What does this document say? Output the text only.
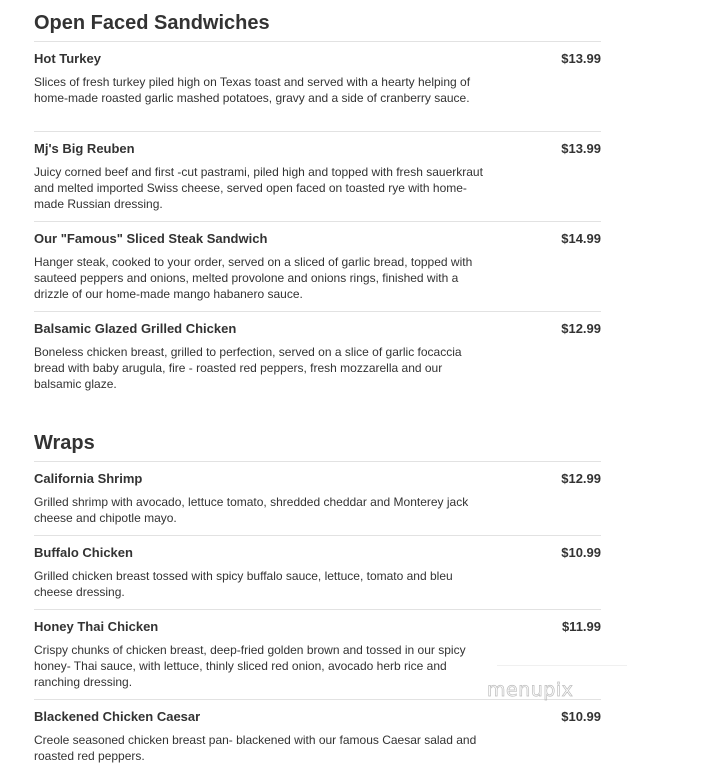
Open Faced Sandwiches
Hot Turkey	$13.99
Slices of fresh turkey piled high on Texas toast and served with a hearty helping of home-made roasted garlic mashed potatoes, gravy and a side of cranberry sauce.
Mj's Big Reuben	$13.99
Juicy corned beef and first -cut pastrami, piled high and topped with fresh sauerkraut and melted imported Swiss cheese, served open faced on toasted rye with home-made Russian dressing.
Our "Famous" Sliced Steak Sandwich	$14.99
Hanger steak, cooked to your order, served on a sliced of garlic bread, topped with sauteed peppers and onions, melted provolone and onions rings, finished with a drizzle of our home-made mango habanero sauce.
Balsamic Glazed Grilled Chicken	$12.99
Boneless chicken breast, grilled to perfection, served on a slice of garlic focaccia bread with baby arugula, fire - roasted red peppers, fresh mozzarella and our balsamic glaze.
Wraps
California Shrimp	$12.99
Grilled shrimp with avocado, lettuce tomato, shredded cheddar and Monterey jack cheese and chipotle mayo.
Buffalo Chicken	$10.99
Grilled chicken breast tossed with spicy buffalo sauce, lettuce, tomato and bleu cheese dressing.
Honey Thai Chicken	$11.99
Crispy chunks of chicken breast, deep-fried golden brown and tossed in our spicy honey- Thai sauce, with lettuce, thinly sliced red onion, avocado herb rice and ranching dressing.
Blackened Chicken Caesar	$10.99
Creole seasoned chicken breast pan- blackened with our famous Caesar salad and roasted red peppers.
menupix
